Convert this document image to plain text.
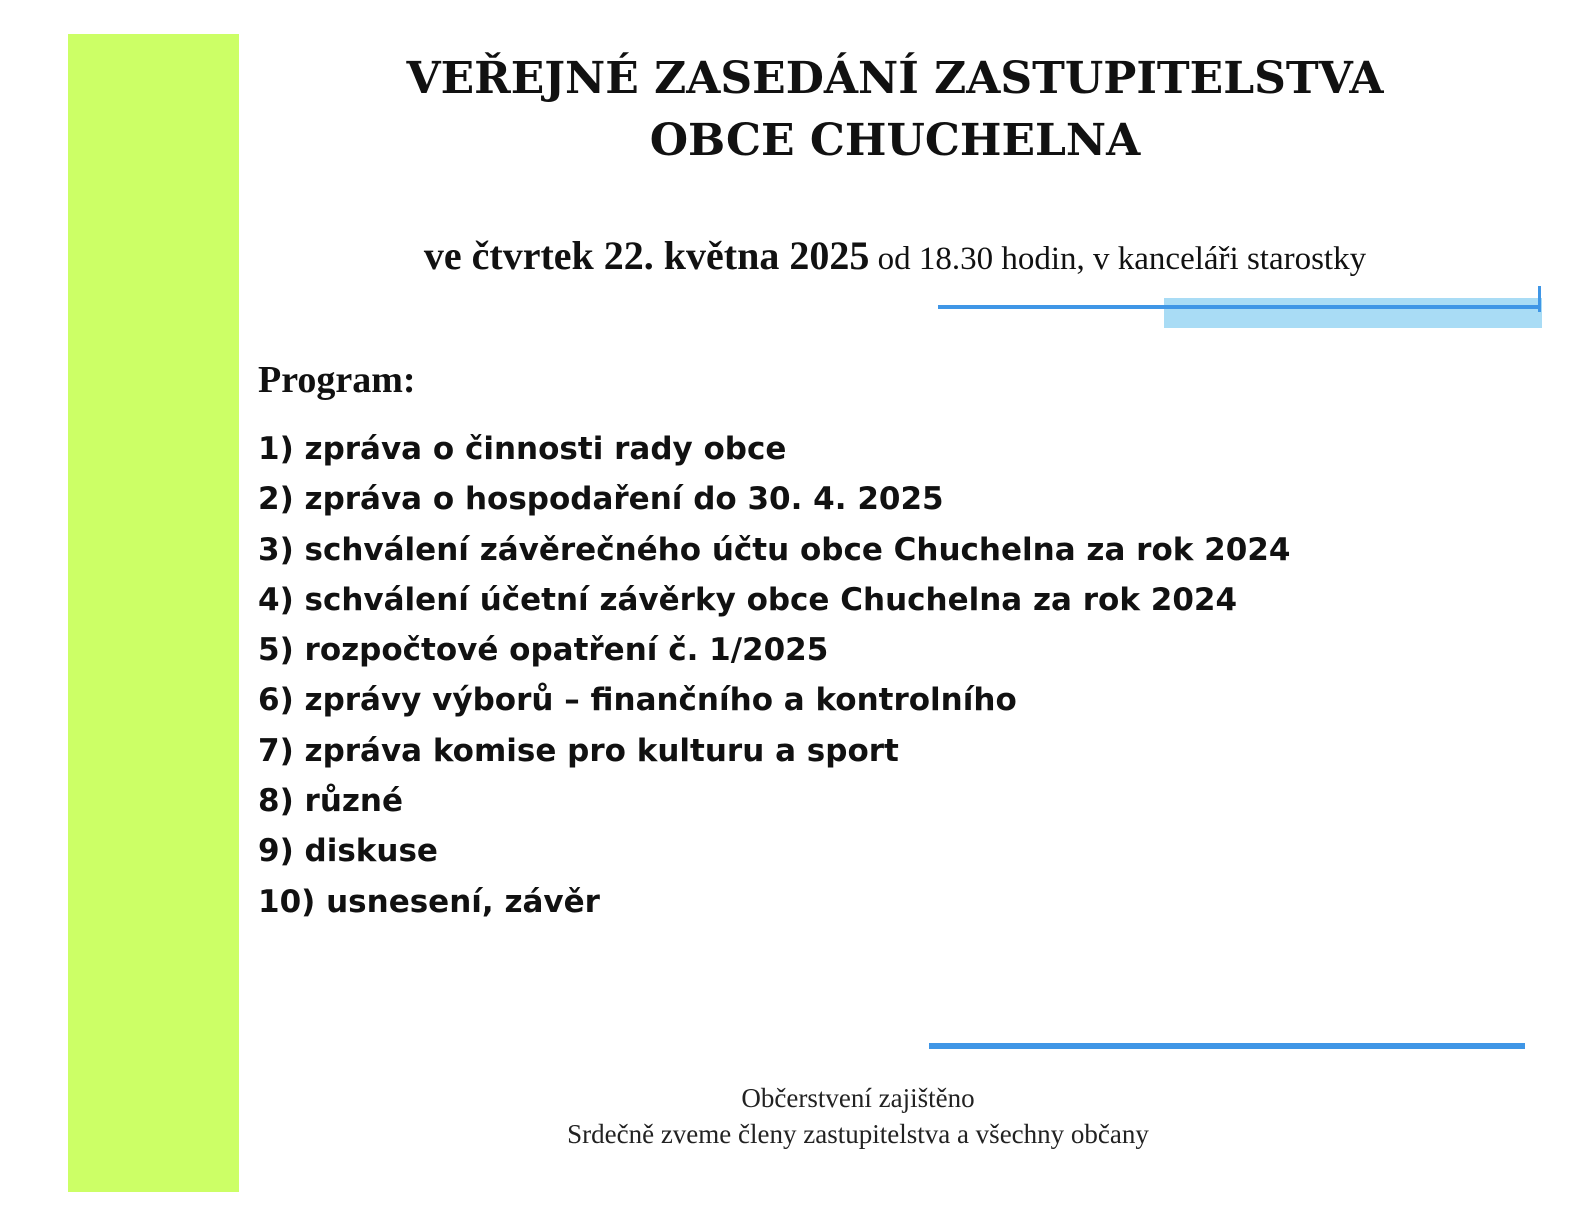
VEŘEJNÉ ZASEDÁNÍ ZASTUPITELSTVA
OBCE CHUCHELNA
ve čtvrtek 22. května 2025 od 18.30 hodin, v kanceláři starostky
Program:
1) zpráva o činnosti rady obce
2) zpráva o hospodaření do 30. 4. 2025
3) schválení závěrečného účtu obce Chuchelna za rok 2024
4) schválení účetní závěrky obce Chuchelna za rok 2024
5) rozpočtové opatření č. 1/2025
6) zprávy výborů – finančního a kontrolního
7) zpráva komise pro kulturu a sport
8) různé
9) diskuse
10) usnesení, závěr
Občerstvení zajištěno
Srdečně zveme členy zastupitelstva a všechny občany
